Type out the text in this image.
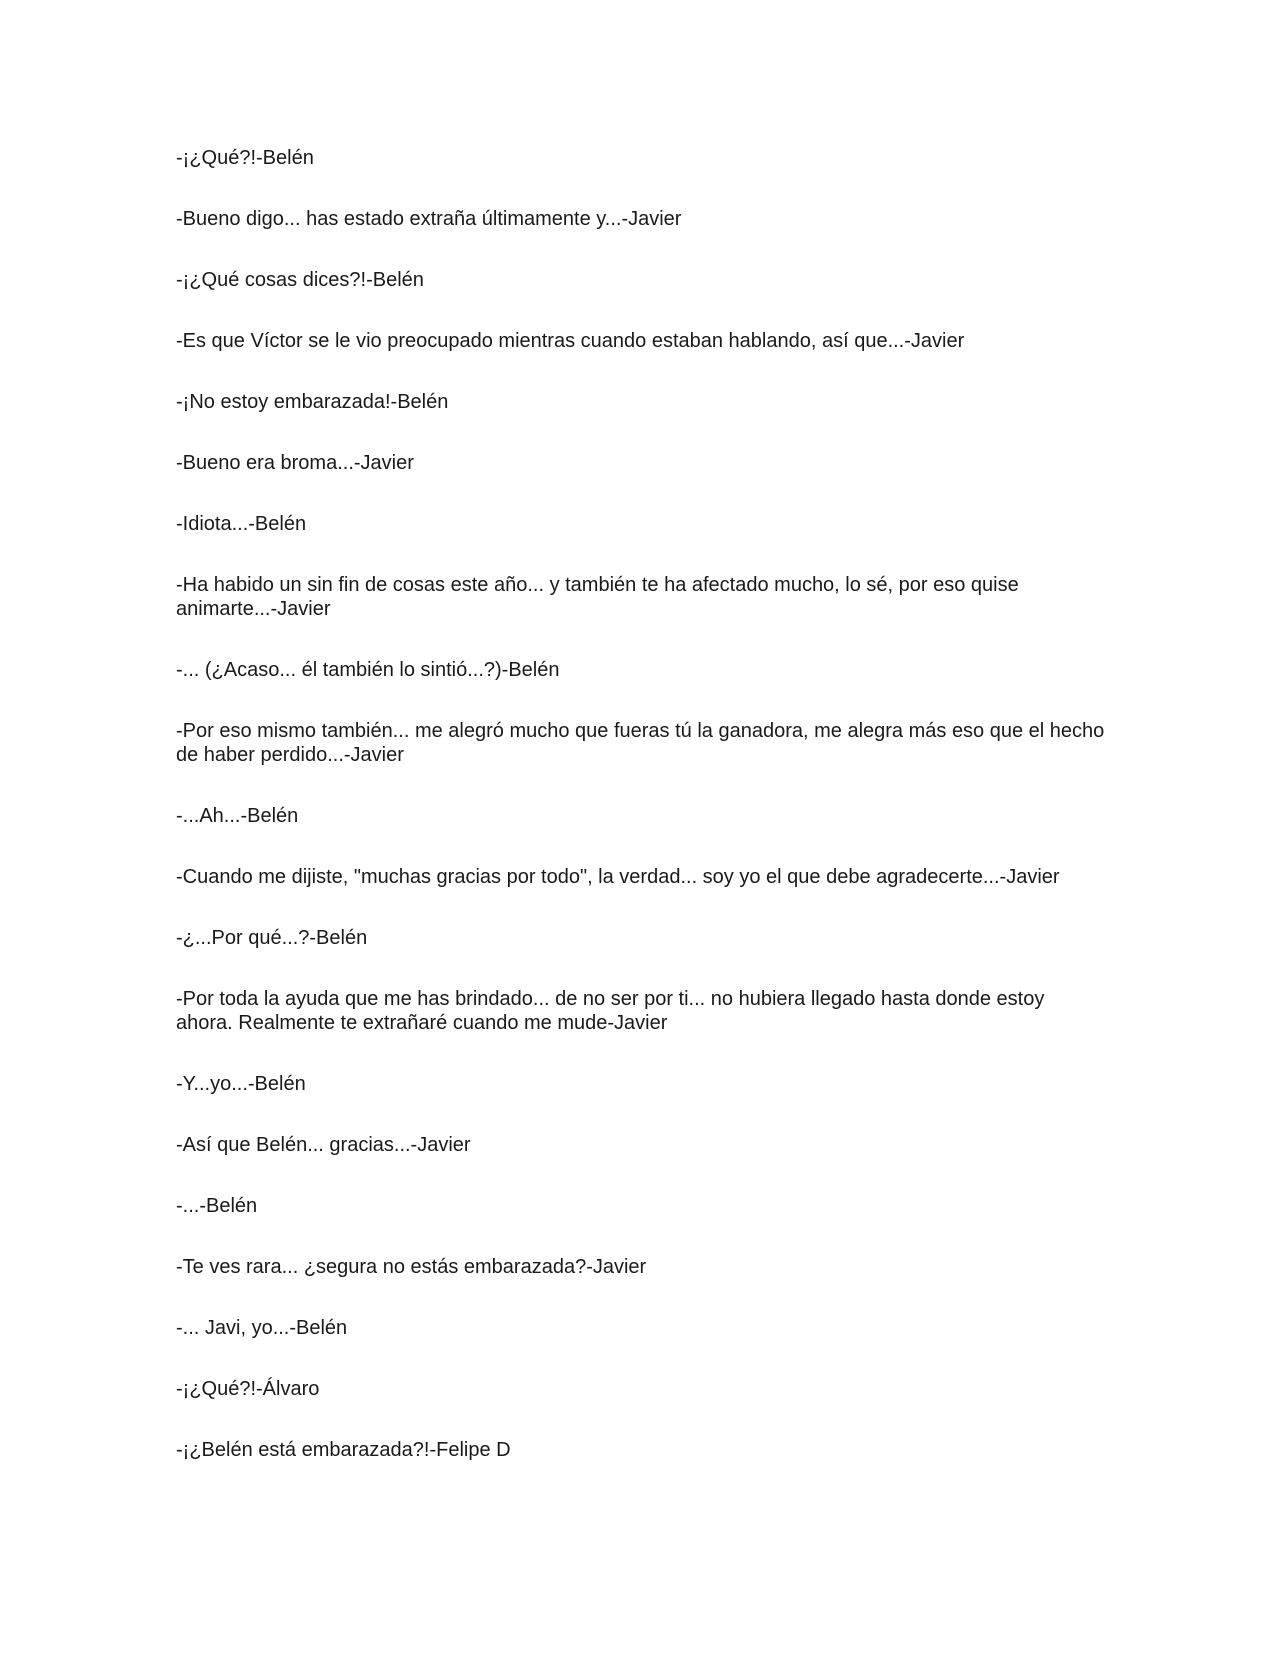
-¡¿Qué?!-Belén

-Bueno digo... has estado extraña últimamente y...-Javier

-¡¿Qué cosas dices?!-Belén

-Es que Víctor se le vio preocupado mientras cuando estaban hablando, así que...-Javier

-¡No estoy embarazada!-Belén

-Bueno era broma...-Javier

-Idiota...-Belén

-Ha habido un sin fin de cosas este año... y también te ha afectado mucho, lo sé, por eso quise animarte...-Javier

-... (¿Acaso... él también lo sintió...?)-Belén

-Por eso mismo también... me alegró mucho que fueras tú la ganadora, me alegra más eso que el hecho de haber perdido...-Javier

-...Ah...-Belén

-Cuando me dijiste, "muchas gracias por todo", la verdad... soy yo el que debe agradecerte...-Javier

-¿...Por qué...?-Belén

-Por toda la ayuda que me has brindado... de no ser por ti... no hubiera llegado hasta donde estoy ahora. Realmente te extrañaré cuando me mude-Javier

-Y...yo...-Belén

-Así que Belén... gracias...-Javier

-...-Belén

-Te ves rara... ¿segura no estás embarazada?-Javier

-... Javi, yo...-Belén

-¡¿Qué?!-Álvaro

-¡¿Belén está embarazada?!-Felipe D
